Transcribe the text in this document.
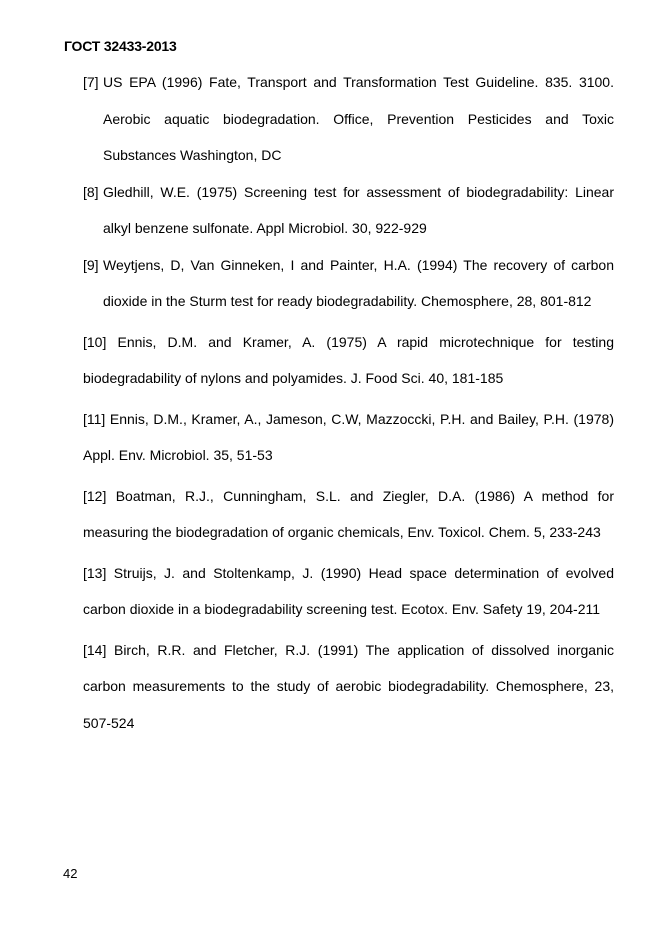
ГОСТ 32433-2013

[7] US EPA (1996) Fate, Transport and Transformation Test Guideline. 835. 3100. Aerobic aquatic biodegradation. Office, Prevention Pesticides and Toxic Substances Washington, DC

[8] Gledhill, W.E. (1975) Screening test for assessment of biodegradability: Linear alkyl benzene sulfonate. Appl Microbiol. 30, 922-929

[9] Weytjens, D, Van Ginneken, I and Painter, H.A. (1994) The recovery of carbon dioxide in the Sturm test for ready biodegradability. Chemosphere, 28, 801-812

[10] Ennis, D.M. and Kramer, A. (1975) A rapid microtechnique for testing biodegradability of nylons and polyamides. J. Food Sci. 40, 181-185

[11] Ennis, D.M., Kramer, A., Jameson, C.W, Mazzoccki, P.H. and Bailey, P.H. (1978) Appl. Env. Microbiol. 35, 51-53

[12] Boatman, R.J., Cunningham, S.L. and Ziegler, D.A. (1986) A method for measuring the biodegradation of organic chemicals, Env. Toxicol. Chem. 5, 233-243

[13] Struijs, J. and Stoltenkamp, J. (1990) Head space determination of evolved carbon dioxide in a biodegradability screening test. Ecotox. Env. Safety 19, 204-211

[14] Birch, R.R. and Fletcher, R.J. (1991) The application of dissolved inorganic carbon measurements to the study of aerobic biodegradability. Chemosphere, 23, 507-524

42
